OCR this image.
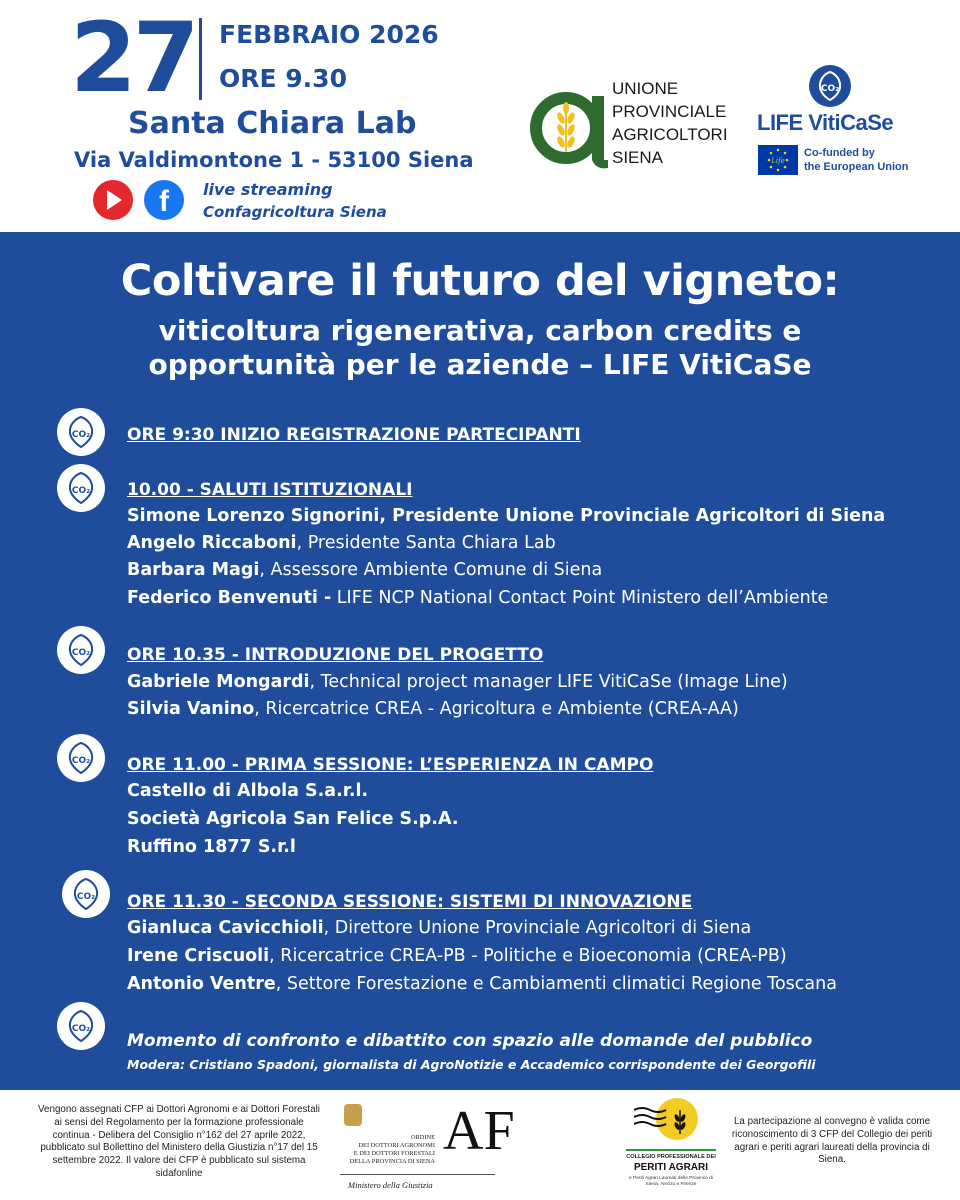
27 FEBBRAIO 2026
ORE 9.30
Santa Chiara Lab
Via Valdimontone 1 - 53100 Siena
f	live streaming
Confagricoltura Siena
UNIONE
PROVINCIALE
AGRICOLTORI
SIENA
CO₂
LIFE VitiCaSe
Life
Co-funded by
the European Union
Coltivare il futuro del vigneto:
viticoltura rigenerativa, carbon credits e
opportunità per le aziende – LIFE VitiCaSe
CO₂ ORE 9:30 INIZIO REGISTRAZIONE PARTECIPANTI
CO₂ 10.00 - SALUTI ISTITUZIONALI
Simone Lorenzo Signorini, Presidente Unione Provinciale Agricoltori di Siena
Angelo Riccaboni, Presidente Santa Chiara Lab
Barbara Magi, Assessore Ambiente Comune di Siena
Federico Benvenuti - LIFE NCP National Contact Point Ministero dell’Ambiente
CO₂ ORE 10.35 - INTRODUZIONE DEL PROGETTO
Gabriele Mongardi, Technical project manager LIFE VitiCaSe (Image Line)
Silvia Vanino, Ricercatrice CREA - Agricoltura e Ambiente (CREA-AA)
CO₂ ORE 11.00 - PRIMA SESSIONE: L’ESPERIENZA IN CAMPO
Castello di Albola S.a.r.l.
Società Agricola San Felice S.p.A.
Ruffino 1877 S.r.l
CO₂ ORE 11.30 - SECONDA SESSIONE: SISTEMI DI INNOVAZIONE
Gianluca Cavicchioli, Direttore Unione Provinciale Agricoltori di Siena
Irene Criscuoli, Ricercatrice CREA-PB - Politiche e Bioeconomia (CREA-PB)
Antonio Ventre, Settore Forestazione e Cambiamenti climatici Regione Toscana
CO₂
Momento di confronto e dibattito con spazio alle domande del pubblico
Modera: Cristiano Spadoni, giornalista di AgroNotizie e Accademico corrispondente dei Georgofili
Vengono assegnati CFP ai Dottori Agronomi e ai Dottori Forestali ai sensi del Regolamento per la formazione professionale continua - Delibera del Consiglio n°162 del 27 aprile 2022, pubblicato sul Bollettino del Ministero della Giustizia n°17 del 15 settembre 2022. Il valore dei CFP è pubblicato sul sistema sidafonline
ORDINE
DEI DOTTORI AGRONOMI
E DEI DOTTORI FORESTALI
DELLA PROVINCIA DI SIENA AF
Ministero della Giustizia
COLLEGIO PROFESSIONALE DEI
PERITI AGRARI
e Periti Agrari Laureati delle Province di Siena, Arezzo e Firenze
La partecipazione al convegno è valida come riconoscimento di 3 CFP del Collegio dei periti agrari e periti agrari laureati della provincia di Siena.
